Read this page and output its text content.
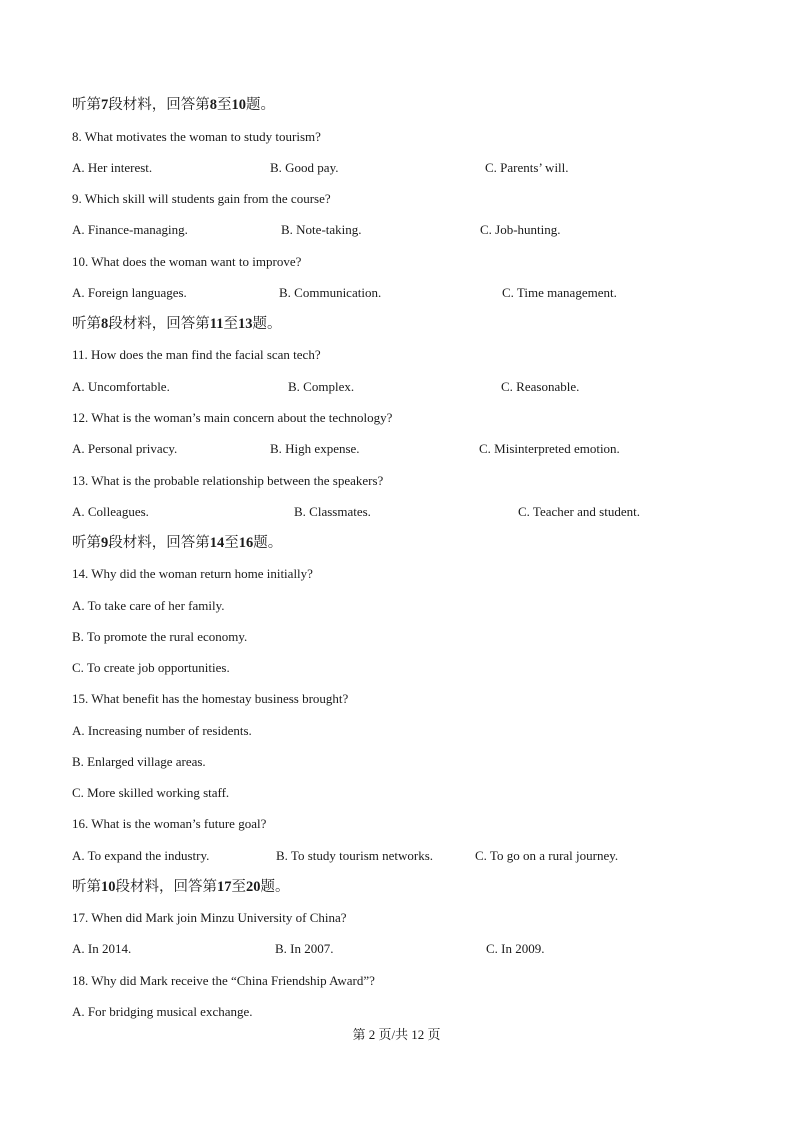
听第7段材料，回答第8至10题。
8. What motivates the woman to study tourism?
A. Her interest.	B. Good pay.	C. Parents’ will.
9. Which skill will students gain from the course?
A. Finance-managing.	B. Note-taking.	C. Job-hunting.
10. What does the woman want to improve?
A. Foreign languages.	B. Communication.	C. Time management.
听第8段材料，回答第11至13题。
11. How does the man find the facial scan tech?
A. Uncomfortable.	B. Complex.	C. Reasonable.
12. What is the woman’s main concern about the technology?
A. Personal privacy.	B. High expense.	C. Misinterpreted emotion.
13. What is the probable relationship between the speakers?
A. Colleagues.	B. Classmates.	C. Teacher and student.
听第9段材料，回答第14至16题。
14. Why did the woman return home initially?
A. To take care of her family.
B. To promote the rural economy.
C. To create job opportunities.
15. What benefit has the homestay business brought?
A. Increasing number of residents.
B. Enlarged village areas.
C. More skilled working staff.
16. What is the woman’s future goal?
A. To expand the industry.	B. To study tourism networks.	C. To go on a rural journey.
听第10段材料，回答第17至20题。
17. When did Mark join Minzu University of China?
A. In 2014.	B. In 2007.	C. In 2009.
18. Why did Mark receive the “China Friendship Award”?
A. For bridging musical exchange.
第 2 页/共 12 页
